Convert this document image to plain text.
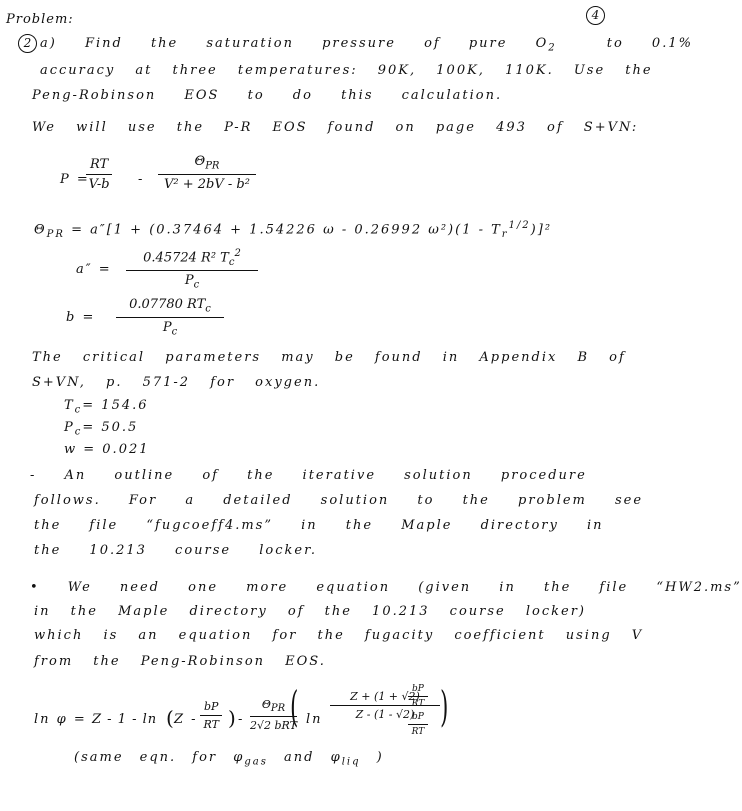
Problem:	4
2 a) Find the saturation pressure of pure $O_2$	to 0.1%
accuracy at three temperatures: 90K, 100K, 110K. Use the
Peng-Robinson EOS to do this calculation.
We will use the P-R EOS found on page 493 of S+VN:
P =
$\frac{RT}{V-b}$ -
$\Theta_{PR}$
V² + 2bV - b²
$\Theta_{PR} = a''[1 + (0.37464 + 1.54226$ ω - 0.26992 $\omega^2)(1 - T_r^{1/2})]^2$
$a'' = \frac{0.45724 R^2 T_c^2}{P_c}$
b =
0.07780 $RT_c$
$P_c$
The critical parameters may be found in Appendix B of
S+VN, p. 571-2 for oxygen.
$T_c= 154.6$
$P_c= 50.5$
w = 0.021
- An outline of the iterative solution procedure
follows. For a detailed solution to the problem see
the file “fugcoeff4.ms” in the Maple directory in
the 10.213 course locker.
• We need one more equation (given in the file “HW2.ms”
in the Maple directory of the 10.213 course locker)
which is an equation for the fugacity coefficient using V
from the Peng-Robinson EOS.
ln φ = Z - 1 - ln (
Z - $\frac{bP}{RT}$ ) -
$\Theta_{PR}$
2√2 bRT
( $\ln \frac{Z + (1 + √2)}{Z - (1 - √2)}$
$\frac{bP}{RT}$
$\frac{bP}{RT}$ )
(same eqn. for $\varphi_{gas}$ and $\varphi_{liq}$ )
